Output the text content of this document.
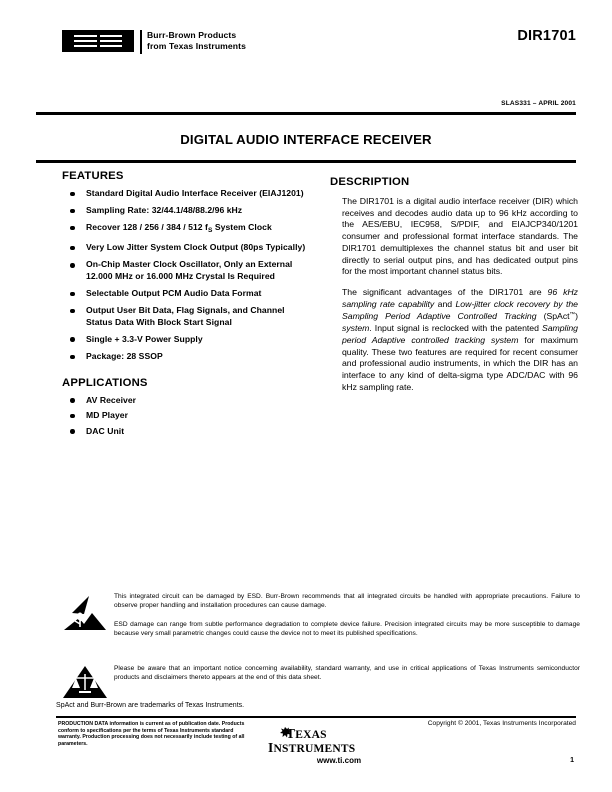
Burr-Brown Products
from Texas Instruments
DIR1701
SLAS331 – APRIL 2001
DIGITAL AUDIO INTERFACE RECEIVER
FEATURES
Standard Digital Audio Interface Receiver (EIAJ1201)
Sampling Rate: 32/44.1/48/88.2/96 kHz
Recover 128 / 256 / 384 / 512 $f_S$ System Clock
Very Low Jitter System Clock Output (80ps Typically)
On-Chip Master Clock Oscillator, Only an External 12.000 MHz or 16.000 MHz Crystal Is Required
Selectable Output PCM Audio Data Format
Output User Bit Data, Flag Signals, and Channel Status Data With Block Start Signal
Single + 3.3-V Power Supply
Package: 28 SSOP
APPLICATIONS
AV Receiver
MD Player
DAC Unit
DESCRIPTION

The DIR1701 is a digital audio interface receiver (DIR) which receives and decodes audio data up to 96 kHz according to the AES/EBU, IEC958, S/PDIF, and EIAJCP340/1201 consumer and professional format interface standards. The DIR1701 demultiplexes the channel status bit and user bit directly to serial output pins, and has dedicated output pins for the most important channel status bits.

The significant advantages of the DIR1701 are 96 kHz sampling rate capability and Low-jitter clock recovery by the Sampling Period Adaptive Controlled Tracking (SpAct™) system. Input signal is reclocked with the patented Sampling period Adaptive controlled tracking system for maximum quality. These two features are required for recent consumer and professional audio instruments, in which the DIR has an interface to any kind of delta-sigma type ADC/DAC with 96 kHz sampling rate.

This integrated circuit can be damaged by ESD. Burr-Brown recommends that all integrated circuits be handled with appropriate precautions. Failure to observe proper handling and installation procedures can cause damage.

ESD damage can range from subtle performance degradation to complete device failure. Precision integrated circuits may be more susceptible to damage because very small parametric changes could cause the device not to meet its published specifications.

Please be aware that an important notice concerning availability, standard warranty, and use in critical applications of Texas Instruments semiconductor products and disclaimers thereto appears at the end of this data sheet.

SpAct and Burr-Brown are trademarks of Texas Instruments.
PRODUCTION DATA information is current as of publication date. Products conform to specifications per the terms of Texas Instruments standard warranty. Production processing does not necessarily include testing of all parameters.
Copyright © 2001, Texas Instruments Incorporated
TEXAS
INSTRUMENTS
www.ti.com	1
